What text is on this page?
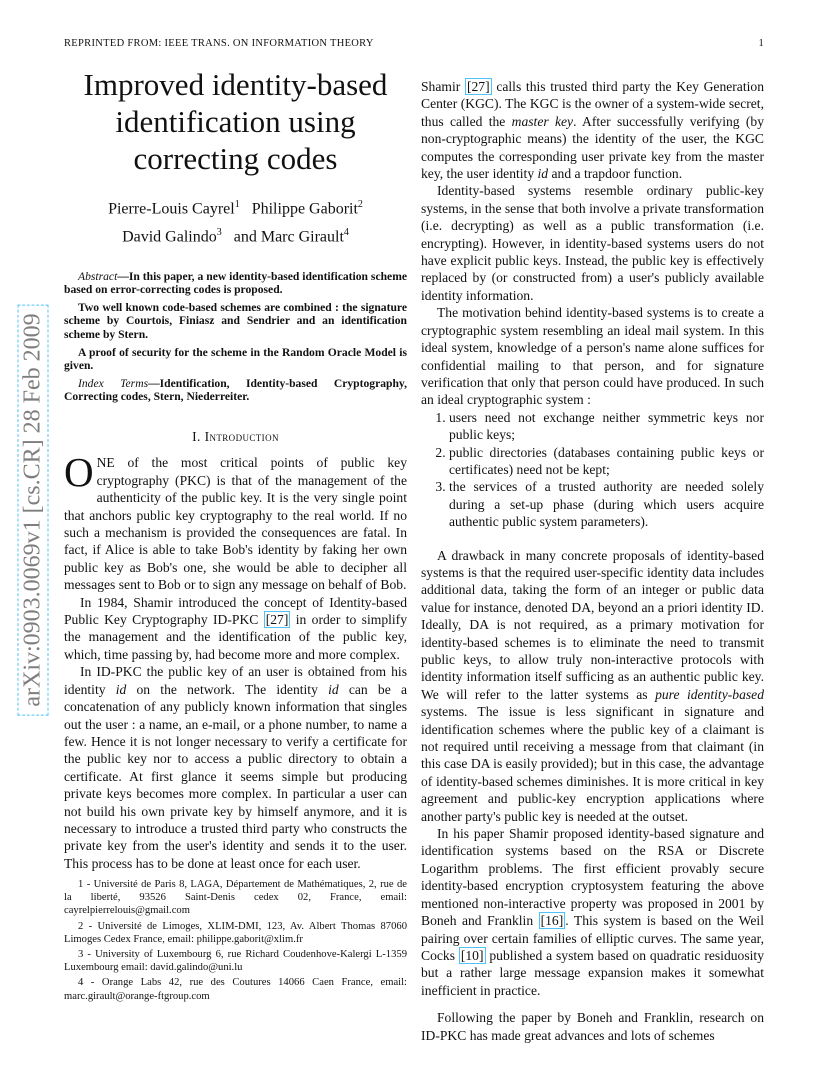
REPRINTED FROM: IEEE TRANS. ON INFORMATION THEORY	1
arXiv:0903.0069v1 [cs.CR] 28 Feb 2009
Improved identity-based identification using correcting codes
Pierre-Louis Cayrel$^1$ Philippe Gaborit$^2$
David Galindo$^3$ and Marc Girault$^4$

Abstract—In this paper, a new identity-based identification scheme based on error-correcting codes is proposed.

Two well known code-based schemes are combined : the signature scheme by Courtois, Finiasz and Sendrier and an identification scheme by Stern.

A proof of security for the scheme in the Random Oracle Model is given.

Index Terms—Identification, Identity-based Cryptography, Correcting codes, Stern, Niederreiter.

I. Introduction

ONE of the most critical points of public key cryptography (PKC) is that of the management of the authenticity of the public key. It is the very single point that anchors public key cryptography to the real world. If no such a mechanism is provided the consequences are fatal. In fact, if Alice is able to take Bob's identity by faking her own public key as Bob's one, she would be able to decipher all messages sent to Bob or to sign any message on behalf of Bob.

In 1984, Shamir introduced the concept of Identity-based Public Key Cryptography ID-PKC [27] in order to simplify the management and the identification of the public key, which, time passing by, had become more and more complex.

In ID-PKC the public key of an user is obtained from his identity id on the network. The identity id can be a concatenation of any publicly known information that singles out the user : a name, an e-mail, or a phone number, to name a few. Hence it is not longer necessary to verify a certificate for the public key nor to access a public directory to obtain a certificate. At first glance it seems simple but producing private keys becomes more complex. In particular a user can not build his own private key by himself anymore, and it is necessary to introduce a trusted third party who constructs the private key from the user's identity and sends it to the user. This process has to be done at least once for each user.

1 - Université de Paris 8, LAGA, Département de Mathématiques, 2, rue de la liberté, 93526 Saint-Denis cedex 02, France, email: cayrelpierrelouis@gmail.com

2 - Université de Limoges, XLIM-DMI, 123, Av. Albert Thomas 87060 Limoges Cedex France, email: philippe.gaborit@xlim.fr

3 - University of Luxembourg 6, rue Richard Coudenhove-Kalergi L-1359 Luxembourg email: david.galindo@uni.lu

4 - Orange Labs 42, rue des Coutures 14066 Caen France, email: marc.girault@orange-ftgroup.com

Shamir [27] calls this trusted third party the Key Generation Center (KGC). The KGC is the owner of a system-wide secret, thus called the master key. After successfully verifying (by non-cryptographic means) the identity of the user, the KGC computes the corresponding user private key from the master key, the user identity id and a trapdoor function.

Identity-based systems resemble ordinary public-key systems, in the sense that both involve a private transformation (i.e. decrypting) as well as a public transformation (i.e. encrypting). However, in identity-based systems users do not have explicit public keys. Instead, the public key is effectively replaced by (or constructed from) a user's publicly available identity information.

The motivation behind identity-based systems is to create a cryptographic system resembling an ideal mail system. In this ideal system, knowledge of a person's name alone suffices for confidential mailing to that person, and for signature verification that only that person could have produced. In such an ideal cryptographic system :

1. users need not exchange neither symmetric keys nor public keys;
2. public directories (databases containing public keys or certificates) need not be kept;
3. the services of a trusted authority are needed solely during a set-up phase (during which users acquire authentic public system parameters).

A drawback in many concrete proposals of identity-based systems is that the required user-specific identity data includes additional data, taking the form of an integer or public data value for instance, denoted DA, beyond an a priori identity ID. Ideally, DA is not required, as a primary motivation for identity-based schemes is to eliminate the need to transmit public keys, to allow truly non-interactive protocols with identity information itself sufficing as an authentic public key. We will refer to the latter systems as pure identity-based systems. The issue is less significant in signature and identification schemes where the public key of a claimant is not required until receiving a message from that claimant (in this case DA is easily provided); but in this case, the advantage of identity-based schemes diminishes. It is more critical in key agreement and public-key encryption applications where another party's public key is needed at the outset.

In his paper Shamir proposed identity-based signature and identification systems based on the RSA or Discrete Logarithm problems. The first efficient provably secure identity-based encryption cryptosystem featuring the above mentioned non-interactive property was proposed in 2001 by Boneh and Franklin [16] . This system is based on the Weil pairing over certain families of elliptic curves. The same year, Cocks [10] published a system based on quadratic residuosity but a rather large message expansion makes it somewhat inefficient in practice.

Following the paper by Boneh and Franklin, research on ID-PKC has made great advances and lots of schemes
